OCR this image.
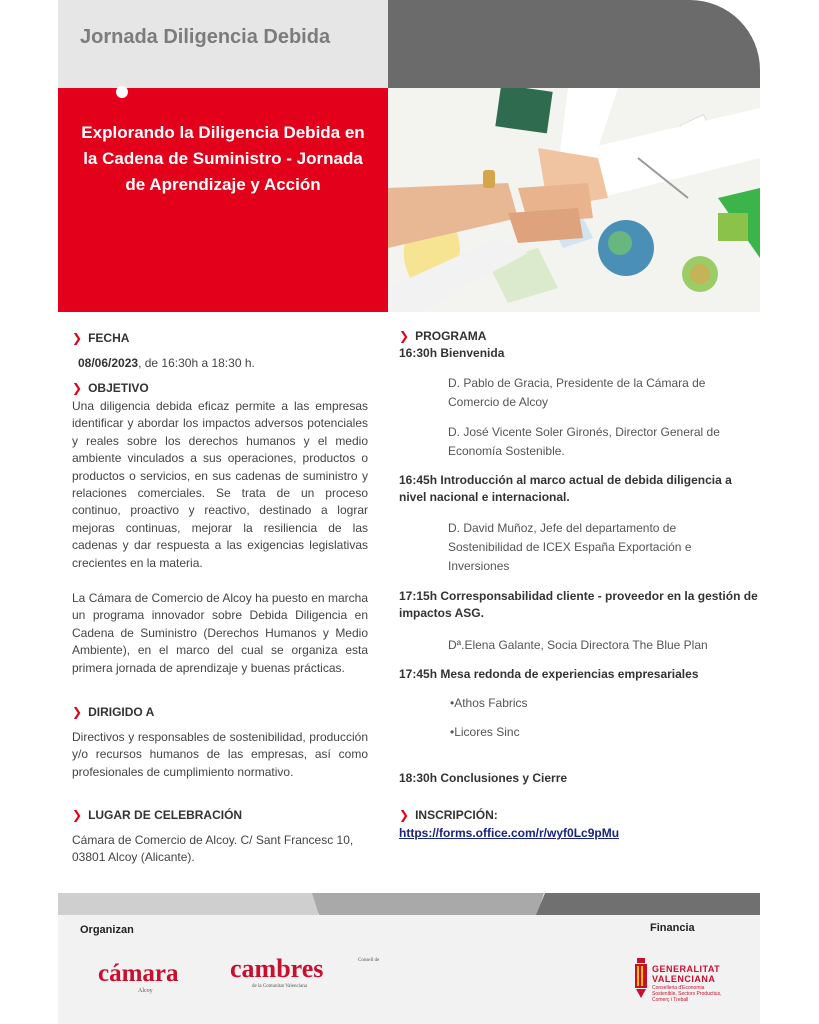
Jornada Diligencia Debida
Explorando la Diligencia Debida en la Cadena de Suministro - Jornada de Aprendizaje y Acción
❯ FECHA
08/06/2023, de 16:30h a 18:30 h.
❯ OBJETIVO
Una diligencia debida eficaz permite a las empresas identificar y abordar los impactos adversos potenciales y reales sobre los derechos humanos y el medio ambiente vinculados a sus operaciones, productos o productos o servicios, en sus cadenas de suministro y relaciones comerciales. Se trata de un proceso continuo, proactivo y reactivo, destinado a lograr mejoras continuas, mejorar la resiliencia de las cadenas y dar respuesta a las exigencias legislativas crecientes en la materia.
La Cámara de Comercio de Alcoy ha puesto en marcha un programa innovador sobre Debida Diligencia en Cadena de Suministro (Derechos Humanos y Medio Ambiente), en el marco del cual se organiza esta primera jornada de aprendizaje y buenas prácticas.
❯ DIRIGIDO A
Directivos y responsables de sostenibilidad, producción y/o recursos humanos de las empresas, así como profesionales de cumplimiento normativo.
❯ LUGAR DE CELEBRACIÓN
Cámara de Comercio de Alcoy. C/ Sant Francesc 10, 03801 Alcoy (Alicante).
❯ PROGRAMA
16:30h Bienvenida
D. Pablo de Gracia, Presidente de la Cámara de Comercio de Alcoy
D. José Vicente Soler Gironés, Director General de Economía Sostenible.
16:45h Introducción al marco actual de debida diligencia a nivel nacional e internacional.
D. David Muñoz, Jefe del departamento de Sostenibilidad de ICEX España Exportación e Inversiones
17:15h Corresponsabilidad cliente - proveedor en la gestión de impactos ASG.
Dª.Elena Galante, Socia Directora The Blue Plan
17:45h Mesa redonda de experiencias empresariales
•Athos Fabrics
•Licores Sinc
18:30h Conclusiones y Cierre
❯ INSCRIPCIÓN:
https://forms.office.com/r/wyf0Lc9pMu
Organizan	Financia
cámara
Alcoy
cambres	Consell de
de la Comunitat Valenciana
GENERALITAT
VALENCIANA
Conselleria d'Economia
Sostenible, Sectors Productius,
Comerç i Treball
